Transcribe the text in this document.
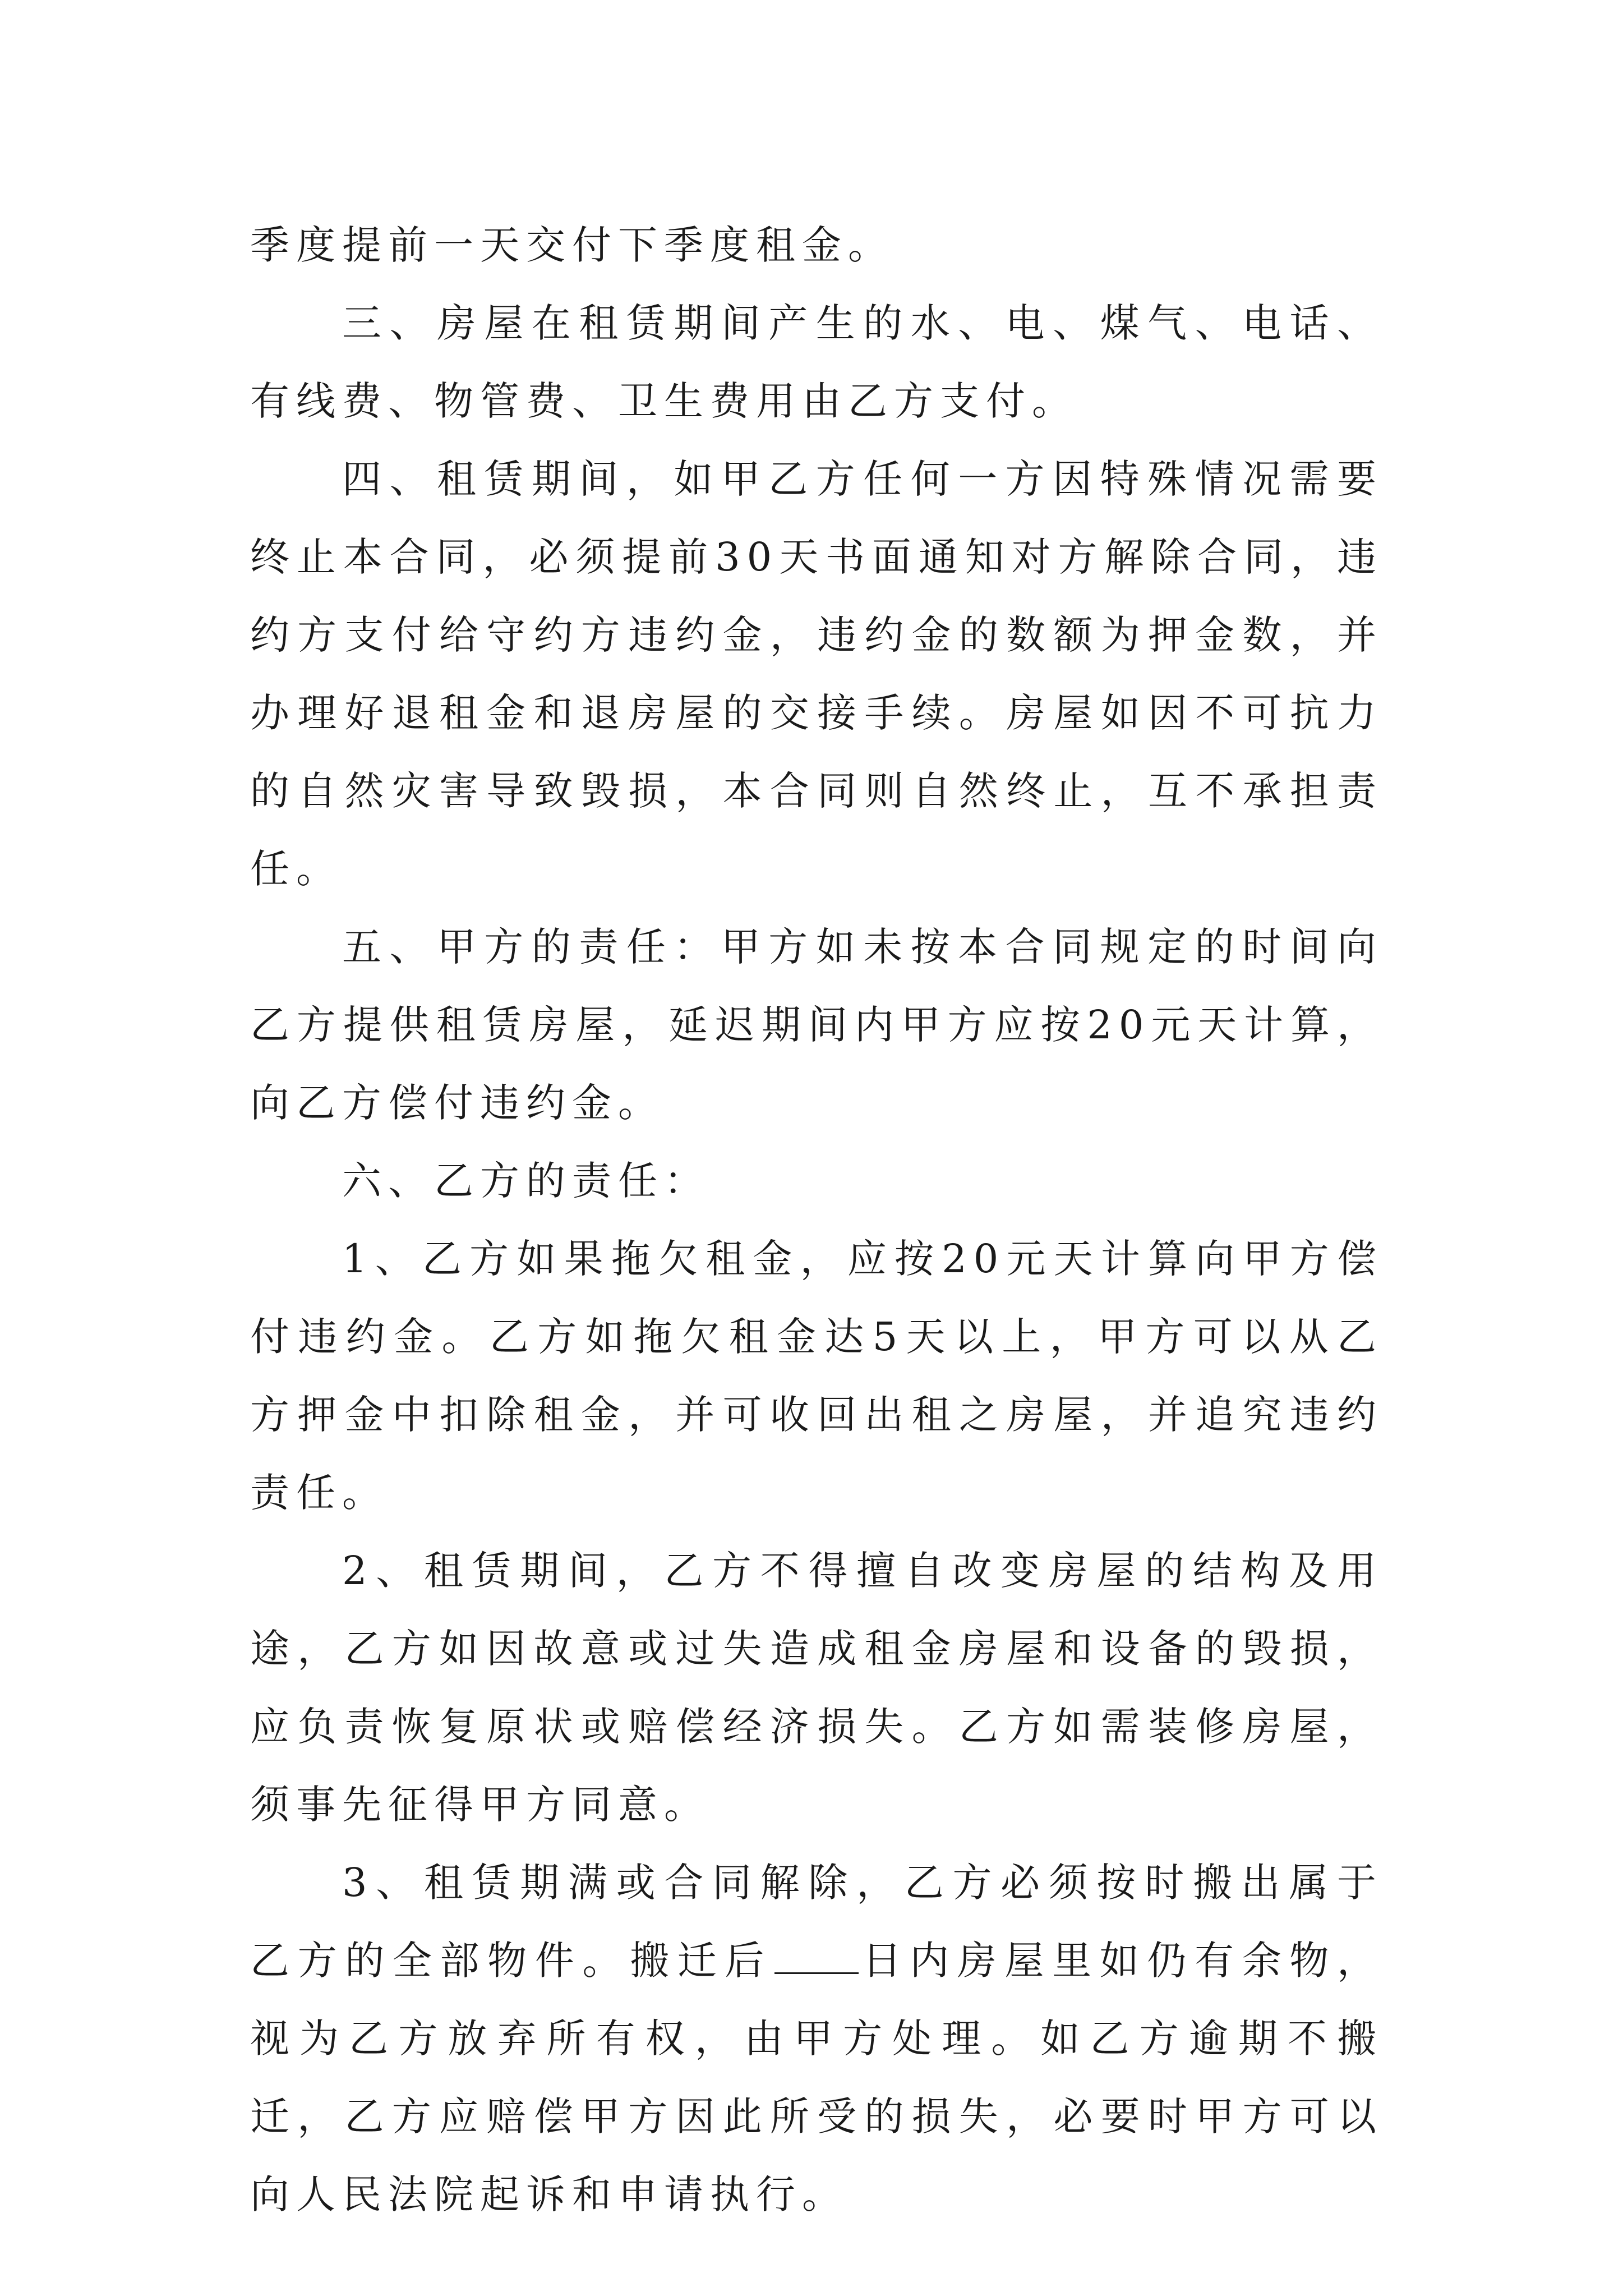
季度提前一天交付下季度租金。

三、房屋在租赁期间产生的水、电、煤气、电话、有线费、物管费、卫生费用由乙方支付。

四、租赁期间，如甲乙方任何一方因特殊情况需要终止本合同，必须提前30天书面通知对方解除合同，违约方支付给守约方违约金，违约金的数额为押金数，并办理好退租金和退房屋的交接手续。房屋如因不可抗力的自然灾害导致毁损，本合同则自然终止，互不承担责任。

五、甲方的责任：甲方如未按本合同规定的时间向乙方提供租赁房屋，延迟期间内甲方应按20元天计算，向乙方偿付违约金。

六、乙方的责任：

1、乙方如果拖欠租金，应按20元天计算向甲方偿付违约金。乙方如拖欠租金达5天以上，甲方可以从乙方押金中扣除租金，并可收回出租之房屋，并追究违约责任。

2、租赁期间，乙方不得擅自改变房屋的结构及用途，乙方如因故意或过失造成租金房屋和设备的毁损，应负责恢复原状或赔偿经济损失。乙方如需装修房屋，须事先征得甲方同意。

3、租赁期满或合同解除，乙方必须按时搬出属于乙方的全部物件。搬迁后 日内房屋里如仍有余物，视为乙方放弃所有权，由甲方处理。如乙方逾期不搬迁，乙方应赔偿甲方因此所受的损失，必要时甲方可以向人民法院起诉和申请执行。
